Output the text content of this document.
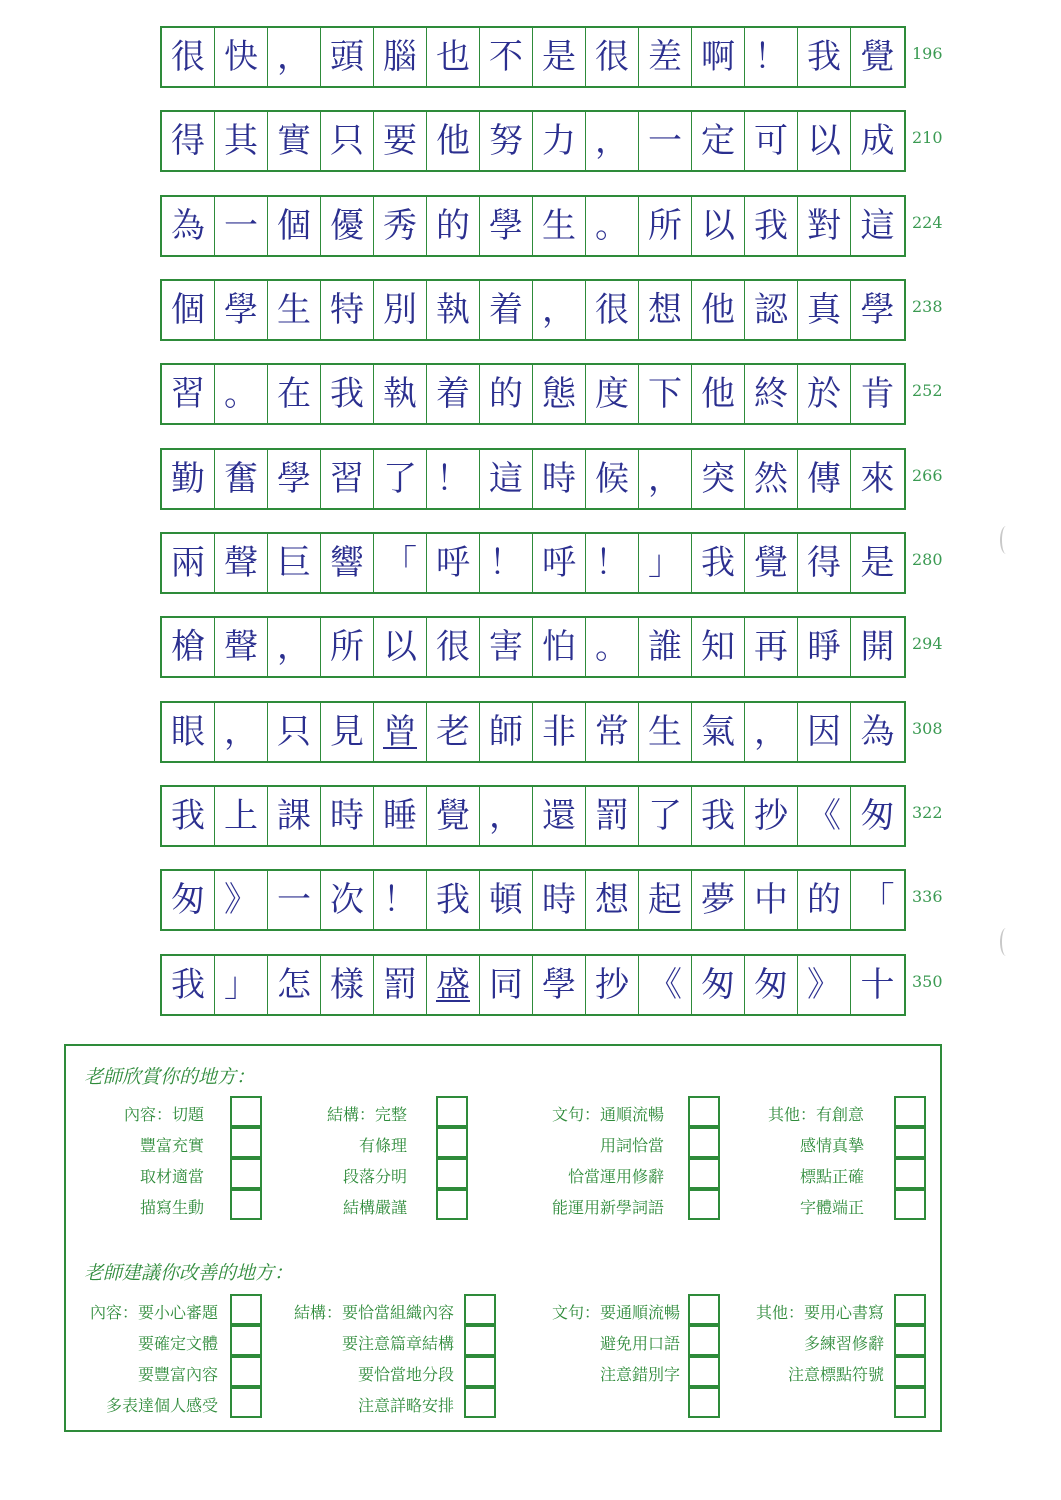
很 快 ， 頭 腦 也 不 是 很 差 啊 ！ 我 覺	196
得 其 實 只 要 他 努 力 ， 一 定 可 以 成	210
為 一 個 優 秀 的 學 生 。 所 以 我 對 這	224
個 學 生 特 別 執 着 ， 很 想 他 認 真 學	238
習 。 在 我 執 着 的 態 度 下 他 終 於 肯	252
勤 奮 學 習 了 ！ 這 時 候 ， 突 然 傳 來	266
兩 聲 巨 響 「 呼 ！ 呼 ！ 」 我 覺 得 是	280
槍 聲 ， 所 以 很 害 怕 。 誰 知 再 睜 開	294
眼 ， 只 見 曾 老 師 非 常 生 氣 ， 因 為	308
我 上 課 時 睡 覺 ， 還 罰 了 我 抄 《 匆	322
匆 》 一 次 ！ 我 頓 時 想 起 夢 中 的 「	336
我 」 怎 樣 罰 盛 同 學 抄 《 匆 匆 》 十	350
老師欣賞你的地方：
老師建議你改善的地方：
內容：切題
豐富充實
取材適當
描寫生動
結構：完整
有條理
段落分明
結構嚴謹
文句：通順流暢
用詞恰當
恰當運用修辭
能運用新學詞語
其他：有創意
感情真摯
標點正確
字體端正
內容：要小心審題
要確定文體
要豐富內容
多表達個人感受
結構：要恰當組織內容
要注意篇章結構
要恰當地分段
注意詳略安排
文句：要通順流暢
避免用口語
注意錯別字
其他：要用心書寫
多練習修辭
注意標點符號
